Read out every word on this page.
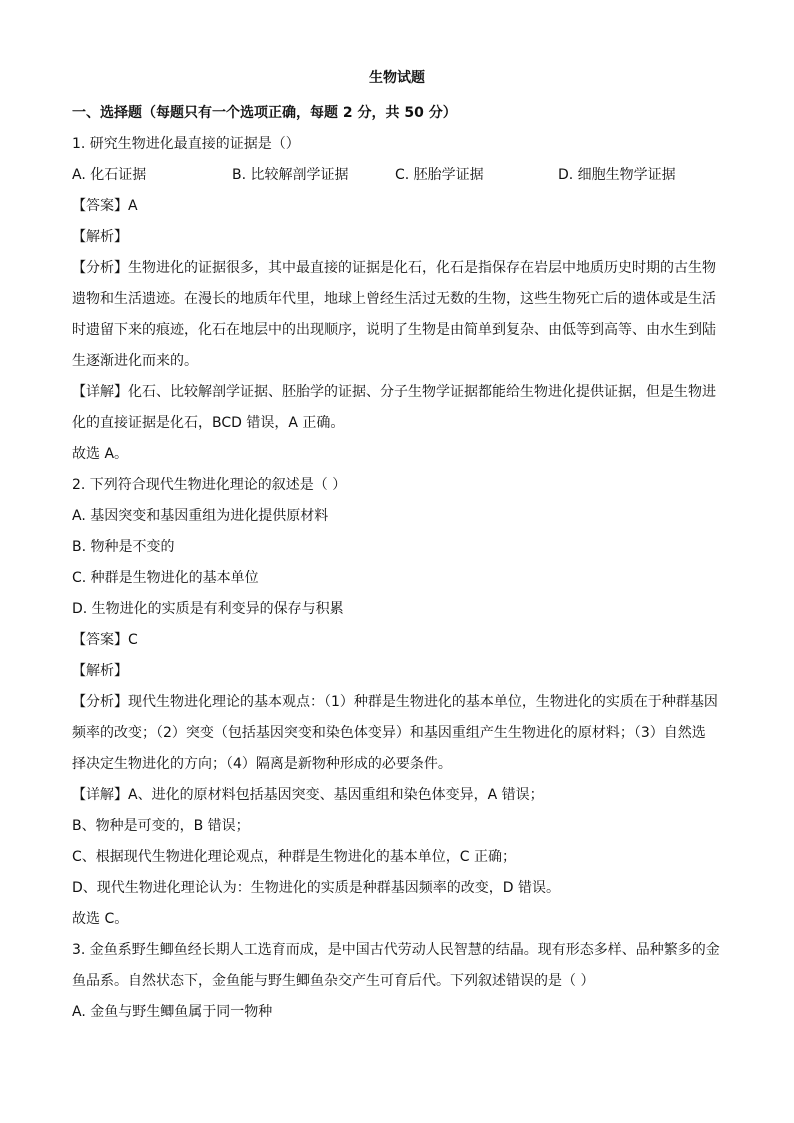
生物试题
一、选择题（每题只有一个选项正确，每题 2 分，共 50 分）
1. 研究生物进化最直接的证据是（）
A. 化石证据	B. 比较解剖学证据	C. 胚胎学证据	D. 细胞生物学证据
【答案】A
【解析】
【分析】生物进化的证据很多，其中最直接的证据是化石，化石是指保存在岩层中地质历史时期的古生物
遗物和生活遗迹。在漫长的地质年代里，地球上曾经生活过无数的生物，这些生物死亡后的遗体或是生活
时遗留下来的痕迹，化石在地层中的出现顺序，说明了生物是由简单到复杂、由低等到高等、由水生到陆
生逐渐进化而来的。
【详解】化石、比较解剖学证据、胚胎学的证据、分子生物学证据都能给生物进化提供证据，但是生物进
化的直接证据是化石，BCD 错误，A 正确。
故选 A。
2. 下列符合现代生物进化理论的叙述是（ ）
A. 基因突变和基因重组为进化提供原材料
B. 物种是不变的
C. 种群是生物进化的基本单位
D. 生物进化的实质是有利变异的保存与积累
【答案】C
【解析】
【分析】现代生物进化理论的基本观点：（1）种群是生物进化的基本单位，生物进化的实质在于种群基因
频率的改变；（2）突变（包括基因突变和染色体变异）和基因重组产生生物进化的原材料；（3）自然选
择决定生物进化的方向；（4）隔离是新物种形成的必要条件。
【详解】A、进化的原材料包括基因突变、基因重组和染色体变异，A 错误；
B、物种是可变的，B 错误；
C、根据现代生物进化理论观点，种群是生物进化的基本单位，C 正确；
D、现代生物进化理论认为：生物进化的实质是种群基因频率的改变，D 错误。
故选 C。
3. 金鱼系野生鲫鱼经长期人工选育而成，是中国古代劳动人民智慧的结晶。现有形态多样、品种繁多的金
鱼品系。自然状态下，金鱼能与野生鲫鱼杂交产生可育后代。下列叙述错误的是（ ）
A. 金鱼与野生鲫鱼属于同一物种
